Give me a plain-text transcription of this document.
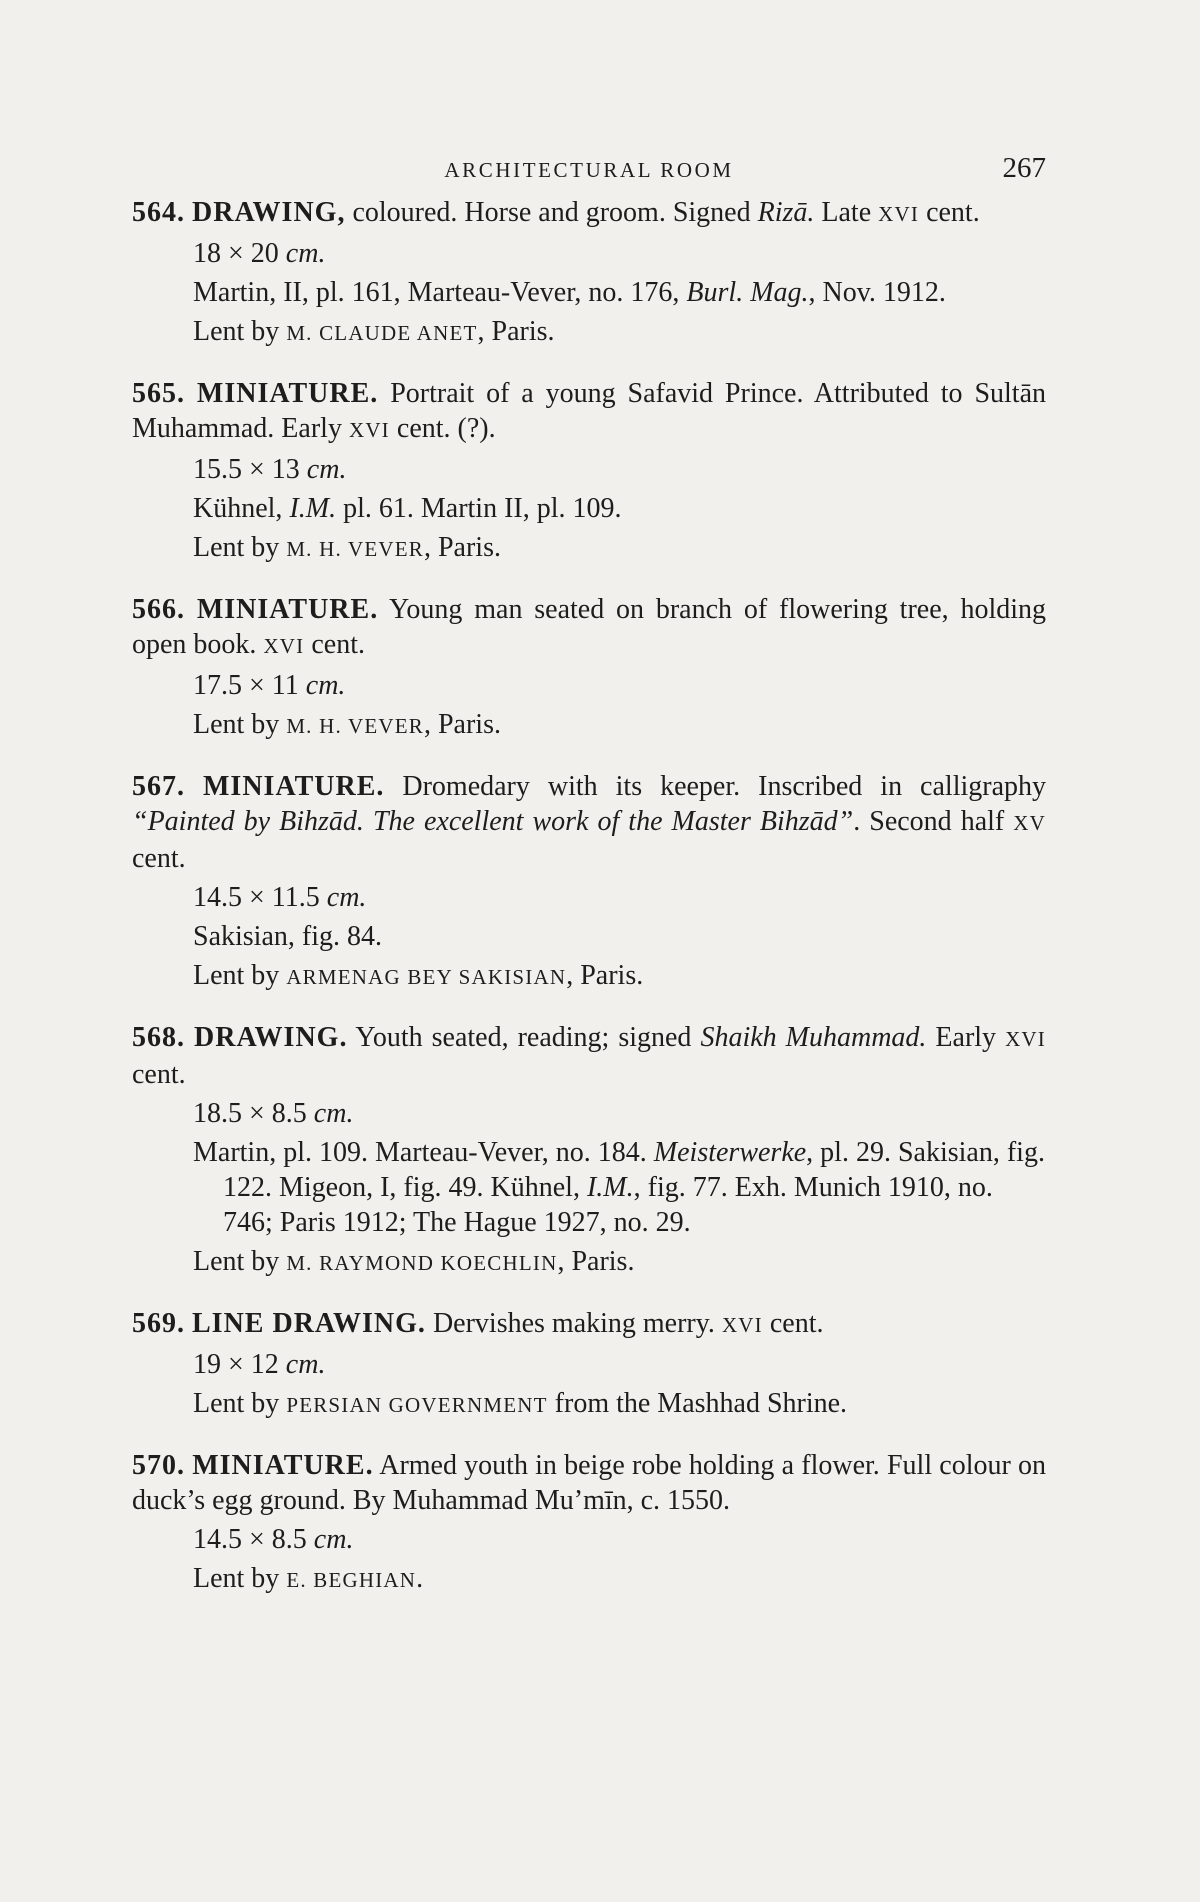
ARCHITECTURAL ROOM	267

564. DRAWING, coloured. Horse and groom. Signed Rizā. Late XVI cent.

18 × 20 cm.

Martin, II, pl. 161, Marteau-Vever, no. 176, Burl. Mag., Nov. 1912.

Lent by M. CLAUDE ANET, Paris.

565. MINIATURE. Portrait of a young Safavid Prince. Attributed to Sultān Muhammad. Early XVI cent. (?).

15.5 × 13 cm.

Kühnel, I.M. pl. 61. Martin II, pl. 109.

Lent by M. H. VEVER, Paris.

566. MINIATURE. Young man seated on branch of flowering tree, holding open book. XVI cent.

17.5 × 11 cm.

Lent by M. H. VEVER, Paris.

567. MINIATURE. Dromedary with its keeper. Inscribed in calligraphy “Painted by Bihzād. The excellent work of the Master Bihzād”. Second half XV cent.

14.5 × 11.5 cm.

Sakisian, fig. 84.

Lent by ARMENAG BEY SAKISIAN, Paris.

568. DRAWING. Youth seated, reading; signed Shaikh Muhammad. Early XVI cent.

18.5 × 8.5 cm.

Martin, pl. 109. Marteau-Vever, no. 184. Meisterwerke, pl. 29. Sakisian, fig. 122. Migeon, I, fig. 49. Kühnel, I.M., fig. 77. Exh. Munich 1910, no. 746; Paris 1912; The Hague 1927, no. 29.

Lent by M. RAYMOND KOECHLIN, Paris.

569. LINE DRAWING. Dervishes making merry. XVI cent.

19 × 12 cm.

Lent by PERSIAN GOVERNMENT from the Mashhad Shrine.

570. MINIATURE. Armed youth in beige robe holding a flower. Full colour on duck’s egg ground. By Muhammad Mu’mīn, c. 1550.

14.5 × 8.5 cm.

Lent by E. BEGHIAN.
